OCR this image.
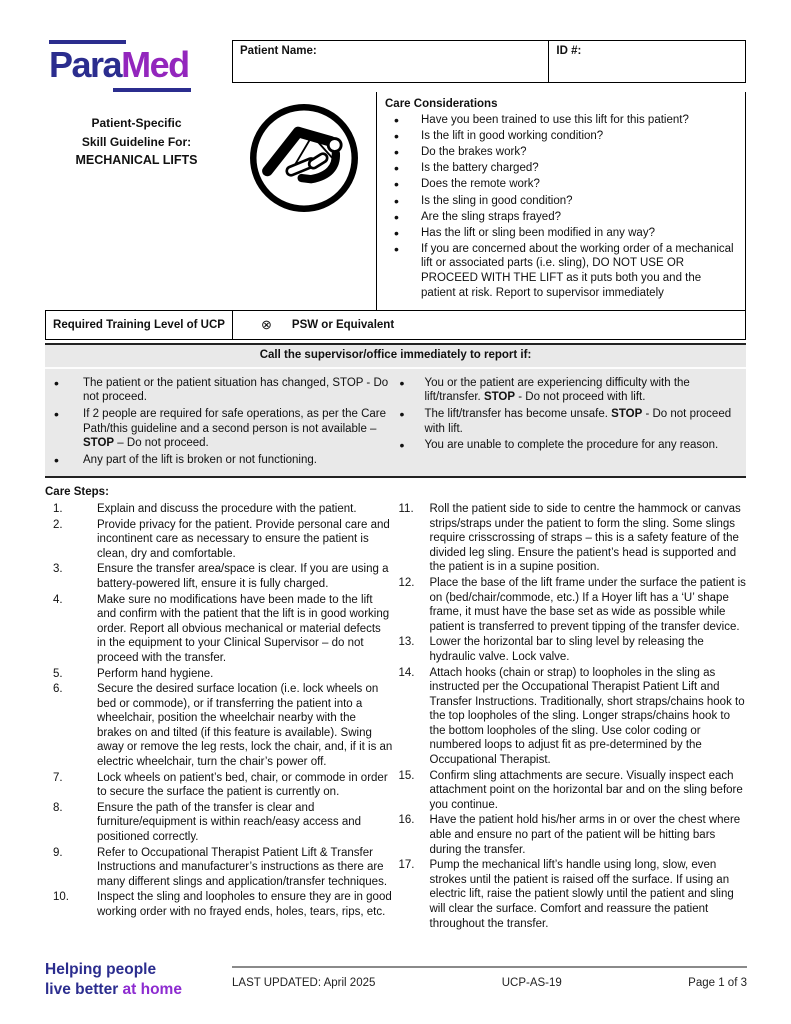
ParaMed	Patient Name:	ID #:
Patient-Specific
Skill Guideline For:
MECHANICAL LIFTS
Care Considerations
• Have you been trained to use this lift for this patient?
• Is the lift in good working condition?
• Do the brakes work?
• Is the battery charged?
• Does the remote work?
• Is the sling in good condition?
• Are the sling straps frayed?
• Has the lift or sling been modified in any way?
• If you are concerned about the working order of a mechanical lift or associated parts (i.e. sling), DO NOT USE OR PROCEED WITH THE LIFT as it puts both you and the patient at risk. Report to supervisor immediately
Required Training Level of UCP	⊗ PSW or Equivalent
Call the supervisor/office immediately to report if:
• The patient or the patient situation has changed, STOP - Do not proceed.
• If 2 people are required for safe operations, as per the Care Path/this guideline and a second person is not available – STOP – Do not proceed.
• Any part of the lift is broken or not functioning.
• You or the patient are experiencing difficulty with the lift/transfer. STOP - Do not proceed with lift.
• The lift/transfer has become unsafe. STOP - Do not proceed with lift.
• You are unable to complete the procedure for any reason.
Care Steps:
1.	Explain and discuss the procedure with the patient.
2.	Provide privacy for the patient. Provide personal care and incontinent care as necessary to ensure the patient is clean, dry and comfortable.
3.	Ensure the transfer area/space is clear. If you are using a battery-powered lift, ensure it is fully charged.
4.	Make sure no modifications have been made to the lift and confirm with the patient that the lift is in good working order. Report all obvious mechanical or material defects in the equipment to your Clinical Supervisor – do not proceed with the transfer.
5.	Perform hand hygiene.
6.	Secure the desired surface location (i.e. lock wheels on bed or commode), or if transferring the patient into a wheelchair, position the wheelchair nearby with the brakes on and tilted (if this feature is available). Swing away or remove the leg rests, lock the chair, and, if it is an electric wheelchair, turn the chair’s power off.
7.	Lock wheels on patient’s bed, chair, or commode in order to secure the surface the patient is currently on.
8.	Ensure the path of the transfer is clear and furniture/equipment is within reach/easy access and positioned correctly.
9.	Refer to Occupational Therapist Patient Lift & Transfer Instructions and manufacturer’s instructions as there are many different slings and application/transfer techniques.
10. Inspect the sling and loopholes to ensure they are in good working order with no frayed ends, holes, tears, rips, etc.
11. Roll the patient side to side to centre the hammock or canvas strips/straps under the patient to form the sling. Some slings require crisscrossing of straps – this is a safety feature of the divided leg sling. Ensure the patient’s head is supported and the patient is in a supine position.
12. Place the base of the lift frame under the surface the patient is on (bed/chair/commode, etc.) If a Hoyer lift has a ‘U’ shape frame, it must have the base set as wide as possible while patient is transferred to prevent tipping of the transfer device.
13. Lower the horizontal bar to sling level by releasing the hydraulic valve. Lock valve.
14. Attach hooks (chain or strap) to loopholes in the sling as instructed per the Occupational Therapist Patient Lift and Transfer Instructions. Traditionally, short straps/chains hook to the top loopholes of the sling. Longer straps/chains hook to the bottom loopholes of the sling. Use color coding or numbered loops to adjust fit as pre-determined by the Occupational Therapist.
15. Confirm sling attachments are secure. Visually inspect each attachment point on the horizontal bar and on the sling before you continue.
16. Have the patient hold his/her arms in or over the chest where able and ensure no part of the patient will be hitting bars during the transfer.
17. Pump the mechanical lift’s handle using long, slow, even strokes until the patient is raised off the surface. If using an electric lift, raise the patient slowly until the patient and sling will clear the surface. Comfort and reassure the patient throughout the transfer.
Helping people
live better at home	LAST UPDATED: April 2025	UCP-AS-19	Page 1 of 3
